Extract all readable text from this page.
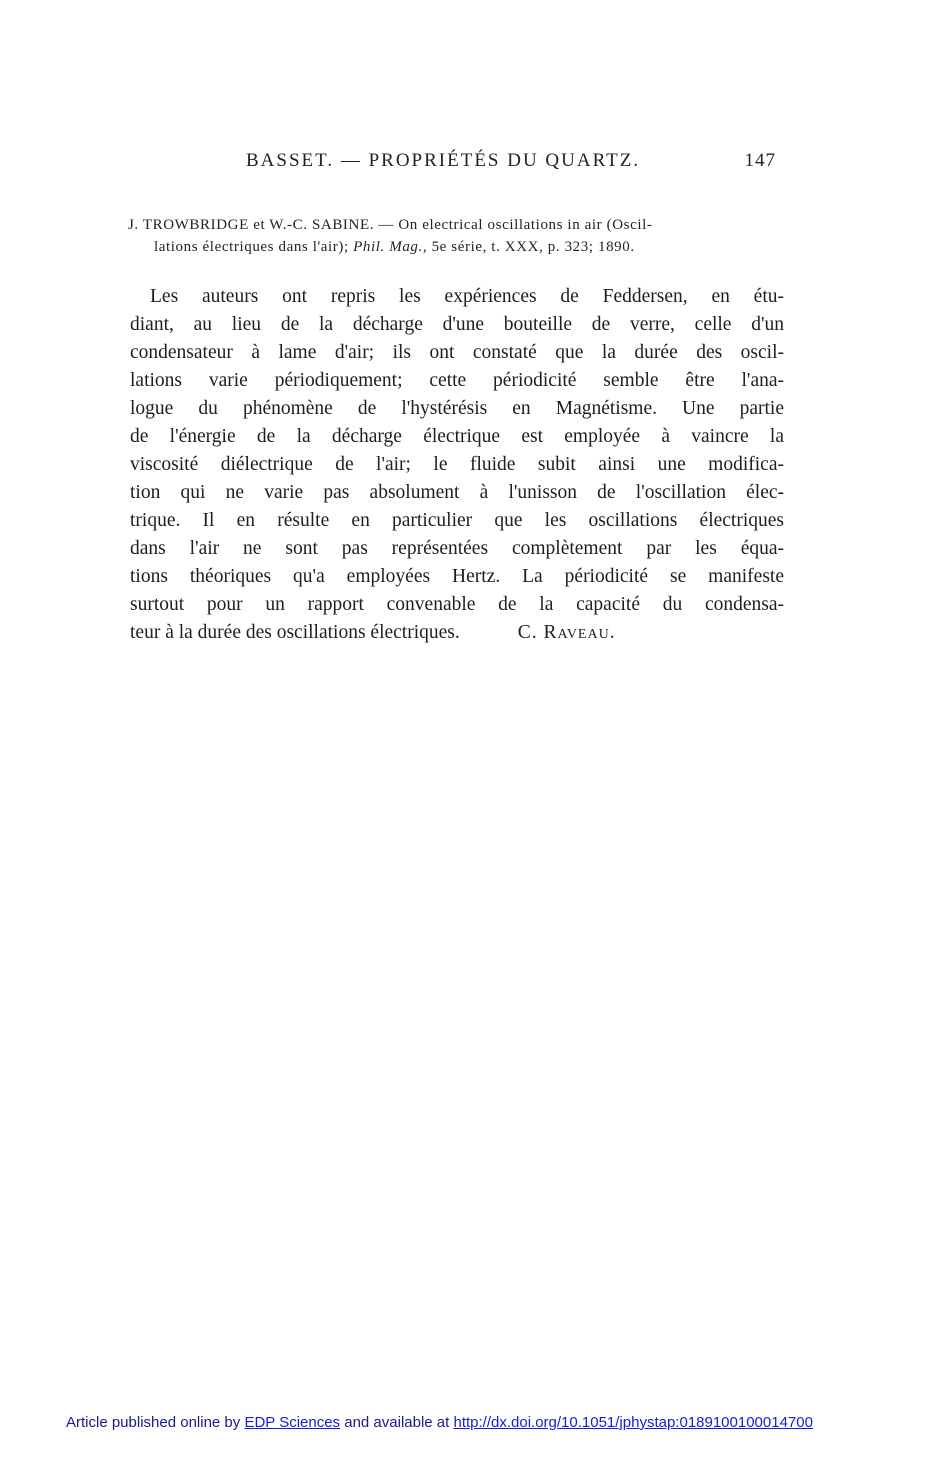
BASSET. — PROPRIÉTÉS DU QUARTZ.	147
J. TROWBRIDGE et W.-C. SABINE. — On electrical oscillations in air (Oscil-
lations électriques dans l'air); Phil. Mag., 5e série, t. XXX, p. 323; 1890.
Les auteurs ont repris les expériences de Feddersen, en étu-
diant, au lieu de la décharge d'une bouteille de verre, celle d'un
condensateur à lame d'air; ils ont constaté que la durée des oscil-
lations varie périodiquement; cette périodicité semble être l'ana-
logue du phénomène de l'hystérésis en Magnétisme. Une partie
de l'énergie de la décharge électrique est employée à vaincre la
viscosité diélectrique de l'air; le fluide subit ainsi une modifica-
tion qui ne varie pas absolument à l'unisson de l'oscillation élec-
trique. Il en résulte en particulier que les oscillations électriques
dans l'air ne sont pas représentées complètement par les équa-
tions théoriques qu'a employées Hertz. La périodicité se manifeste
surtout pour un rapport convenable de la capacité du condensa-
teur à la durée des oscillations électriques.	C. Raveau.
Article published online by EDP Sciences and available at http://dx.doi.org/10.1051/jphystap:0189100100014700
